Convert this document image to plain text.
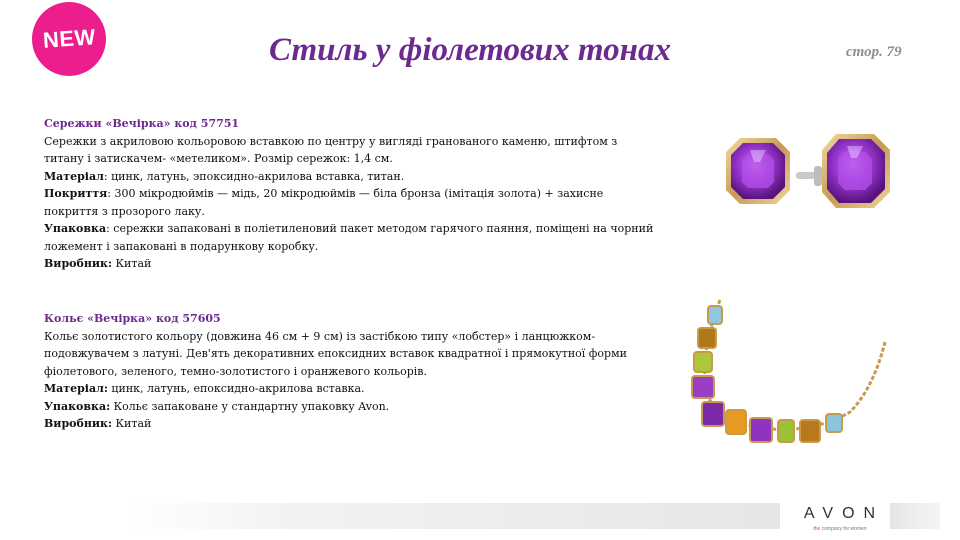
NEW	Стиль у фіолетових тонах	стор. 79

Сережки «Вечірка» код 57751

Сережки з акриловою кольоровою вставкою по центру у вигляді гранованого каменю, штифтом з титану і затискачем- «метеликом». Розмір сережок: 1,4 см.

Матеріал: цинк, латунь, эпоксидно-акрилова вставка, титан.

Покриття: 300 мікродюймів — мідь, 20 мікродюймів — біла бронза (імітація золота) + захисне покриття з прозорого лаку.

Упаковка: сережки запаковані в поліетиленовий пакет методом гарячого паяння, поміщені на чорний ложемент і запаковані в подарункову коробку.

Виробник: Китай

Кольє «Вечірка» код 57605

Кольє золотистого кольору (довжина 46 см + 9 см) із застібкою типу «лобстер» і ланцюжком-подовжувачем з латуні. Дев'ять декоративних епоксидних вставок квадратної і прямокутної форми фіолетового, зеленого, темно-золотистого і оранжевого кольорів.

Матеріал: цинк, латунь, епоксидно-акрилова вставка.

Упаковка: Кольє запаковане у стандартну упаковку Avon.

Виробник: Китай

AVON
the company for women
